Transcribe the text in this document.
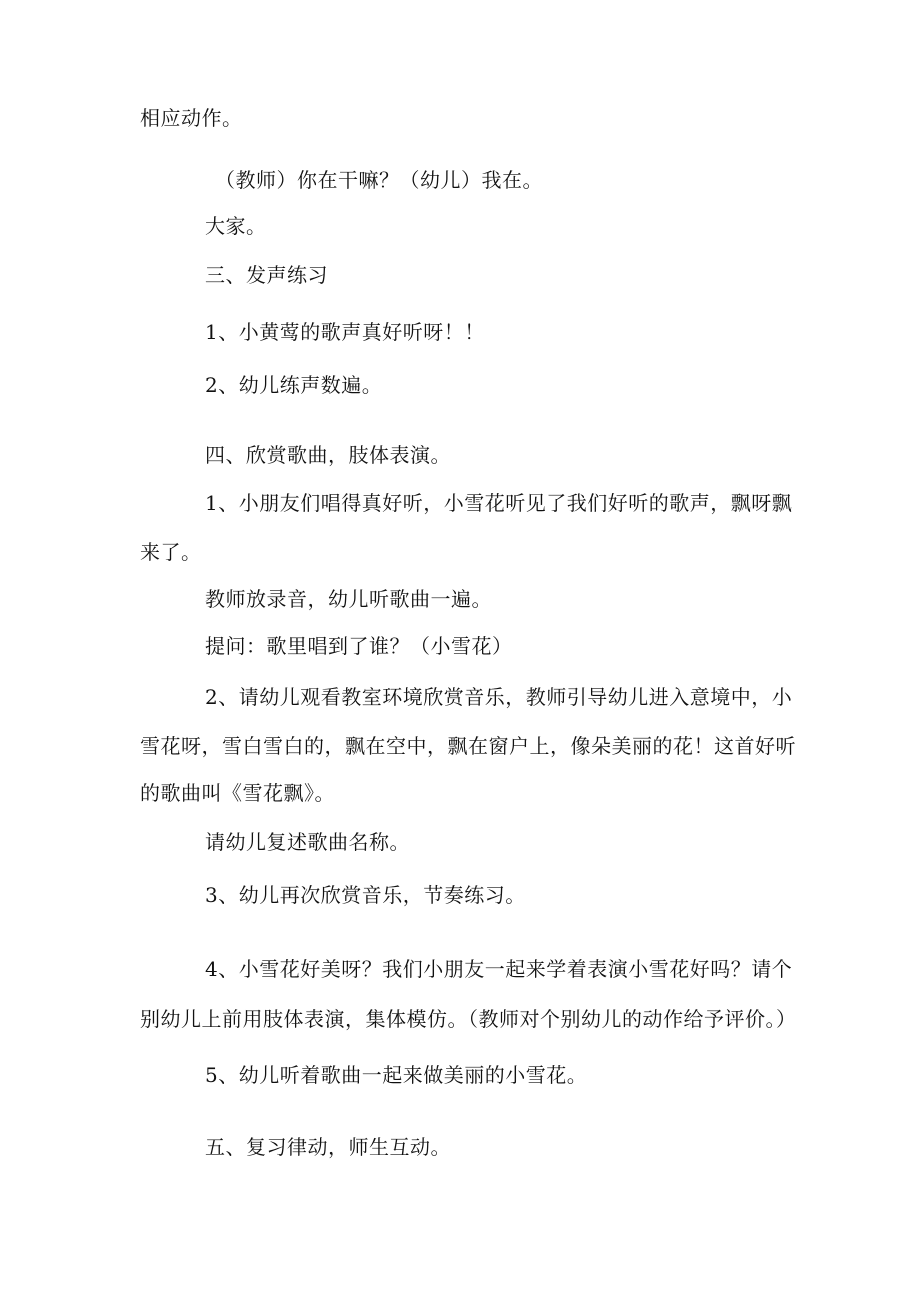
相应动作。

（教师）你在干嘛？（幼儿）我在。

大家。

三、发声练习

1、小黄莺的歌声真好听呀！！

2、幼儿练声数遍。

四、欣赏歌曲，肢体表演。

1、小朋友们唱得真好听，小雪花听见了我们好听的歌声，飘呀飘

来了。

教师放录音，幼儿听歌曲一遍。

提问：歌里唱到了谁？（小雪花）

2、请幼儿观看教室环境欣赏音乐，教师引导幼儿进入意境中，小

雪花呀，雪白雪白的，飘在空中，飘在窗户上，像朵美丽的花！这首好听

的歌曲叫《雪花飘》。

请幼儿复述歌曲名称。

3、幼儿再次欣赏音乐，节奏练习。

4、小雪花好美呀？我们小朋友一起来学着表演小雪花好吗？请个

别幼儿上前用肢体表演，集体模仿。（教师对个别幼儿的动作给予评价。）

5、幼儿听着歌曲一起来做美丽的小雪花。

五、复习律动，师生互动。
